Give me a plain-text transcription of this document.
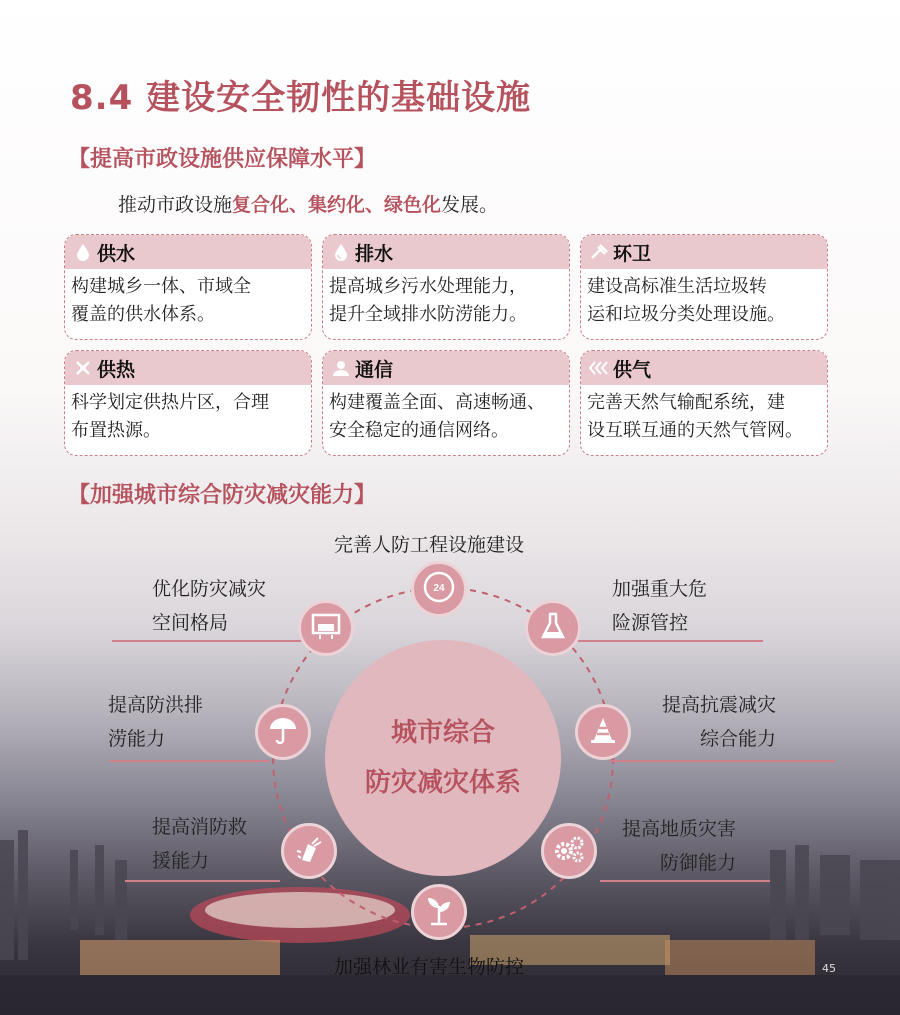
8.4 建设安全韧性的基础设施
【提高市政设施供应保障水平】
推动市政设施复合化、集约化、绿色化发展。
供水
构建城乡一体、市域全
覆盖的供水体系。
排水
提高城乡污水处理能力，
提升全域排水防涝能力。
环卫
建设高标准生活垃圾转
运和垃圾分类处理设施。
供热
科学划定供热片区，合理
布置热源。
通信
构建覆盖全面、高速畅通、
安全稳定的通信网络。
供气
完善天然气输配系统，建
设互联互通的天然气管网。
【加强城市综合防灾减灾能力】
城市综合
防灾减灾体系
24
完善人防工程设施建设
加强重大危
险源管控
提高抗震减灾
综合能力
提高地质灾害
防御能力
加强林业有害生物防控
提高消防救
援能力
提高防洪排
涝能力
优化防灾减灾
空间格局
45
